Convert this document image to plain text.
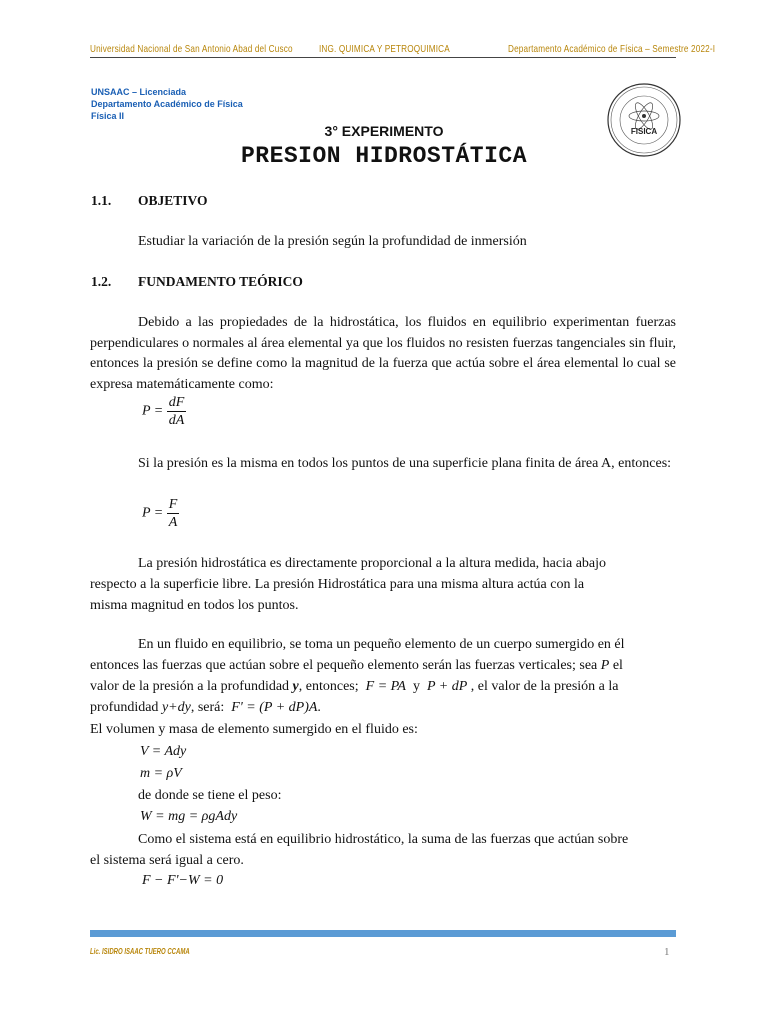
Universidad Nacional de San Antonio Abad del Cusco	ING. QUIMICA Y PETROQUIMICA	Departamento Académico de Física – Semestre 2022-I
UNSAAC – Licenciada
Departamento Académico de Física
Física II
FISICA
3° EXPERIMENTO
PRESION HIDROSTÁTICA
1.1. OBJETIVO
Estudiar la variación de la presión según la profundidad de inmersión
1.2. FUNDAMENTO TEÓRICO

Debido a las propiedades de la hidrostática, los fluidos en equilibrio experimentan fuerzas perpendiculares o normales al área elemental ya que los fluidos no resisten fuerzas tangenciales sin fluir, entonces la presión se define como la magnitud de la fuerza que actúa sobre el área elemental lo cual se expresa matemáticamente como:

$P = \frac{dF}{dA}$

Si la presión es la misma en todos los puntos de una superficie plana finita de área A, entonces:

$P = \frac{F}{A}$
La presión hidrostática es directamente proporcional a la altura medida, hacia abajo
respecto a la superficie libre. La presión Hidrostática para una misma altura actúa con la
misma magnitud en todos los puntos.
En un fluido en equilibrio, se toma un pequeño elemento de un cuerpo sumergido en él
entonces las fuerzas que actúan sobre el pequeño elemento serán las fuerzas verticales; sea P el
valor de la presión a la profundidad y, entonces; F = PA y P + dP , el valor de la presión a la
profundidad y+dy, será: F' = (P + dP)A.
El volumen y masa de elemento sumergido en el fluido es:
V = Ady
m = ρV
de donde se tiene el peso:
W = mg = ρgAdy
Como el sistema está en equilibrio hidrostático, la suma de las fuerzas que actúan sobre
el sistema será igual a cero.
F − F'−W = 0
Lic. ISIDRO ISAAC TUERO CCAMA	1
